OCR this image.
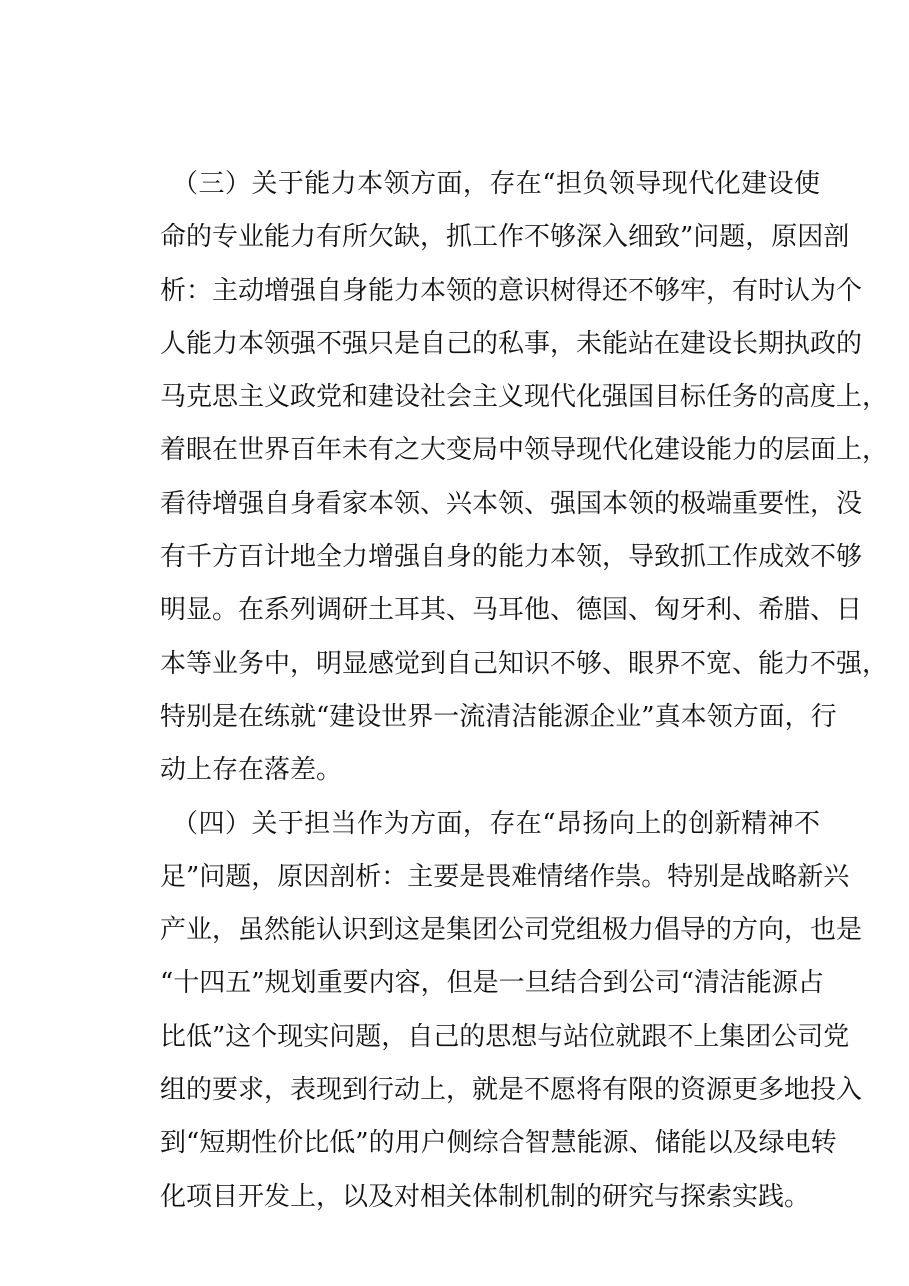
（三）关于能力本领方面，存在“担负领导现代化建设使
命的专业能力有所欠缺，抓工作不够深入细致”问题，原因剖
析：主动增强自身能力本领的意识树得还不够牢，有时认为个
人能力本领强不强只是自己的私事，未能站在建设长期执政的
马克思主义政党和建设社会主义现代化强国目标任务的高度上，
着眼在世界百年未有之大变局中领导现代化建设能力的层面上，
看待增强自身看家本领、兴本领、强国本领的极端重要性，没
有千方百计地全力增强自身的能力本领，导致抓工作成效不够
明显。在系列调研土耳其、马耳他、德国、匈牙利、希腊、日
本等业务中，明显感觉到自己知识不够、眼界不宽、能力不强，
特别是在练就“建设世界一流清洁能源企业”真本领方面，行
动上存在落差。
（四）关于担当作为方面，存在“昂扬向上的创新精神不
足”问题，原因剖析：主要是畏难情绪作祟。特别是战略新兴
产业，虽然能认识到这是集团公司党组极力倡导的方向，也是
“十四五”规划重要内容，但是一旦结合到公司“清洁能源占
比低”这个现实问题，自己的思想与站位就跟不上集团公司党
组的要求，表现到行动上，就是不愿将有限的资源更多地投入
到“短期性价比低”的用户侧综合智慧能源、储能以及绿电转
化项目开发上，以及对相关体制机制的研究与探索实践。
